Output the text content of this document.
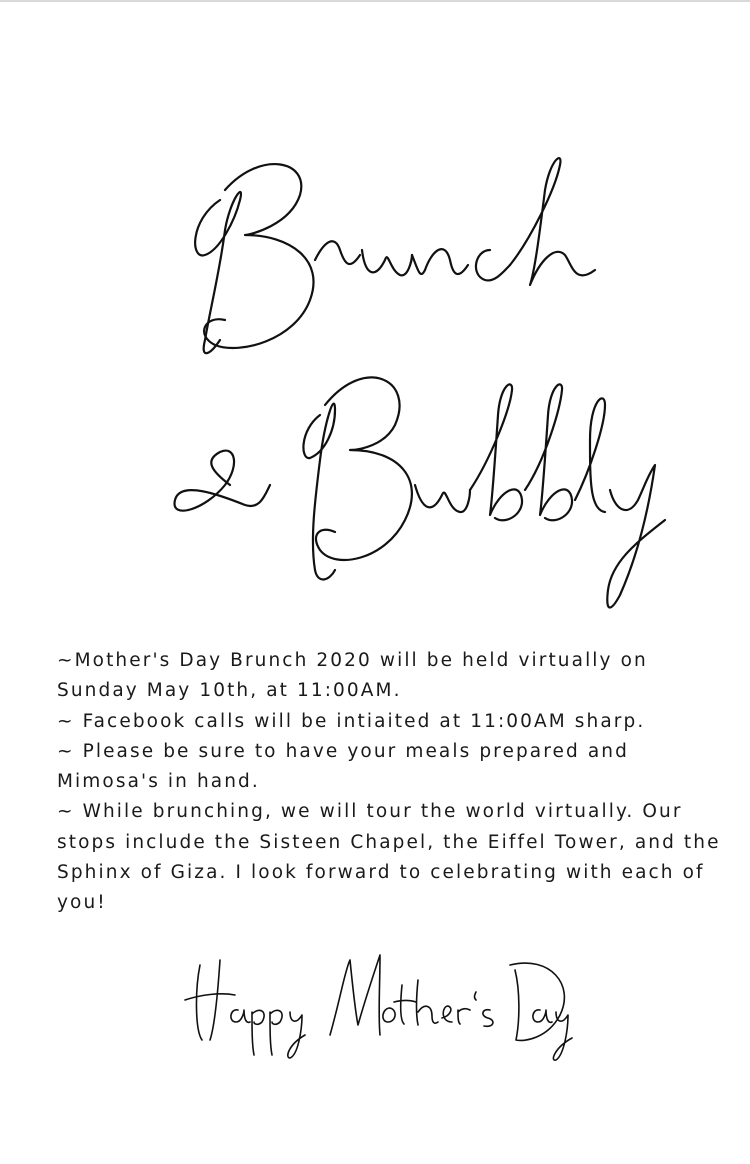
~Mother's Day Brunch 2020 will be held virtually on Sunday May 10th, at 11:00AM.
~ Facebook calls will be intiaited at 11:00AM sharp.
~ Please be sure to have your meals prepared and Mimosa's in hand.
~ While brunching, we will tour the world virtually. Our stops include the Sisteen Chapel, the Eiffel Tower, and the Sphinx of Giza. I look forward to celebrating with each of you!
